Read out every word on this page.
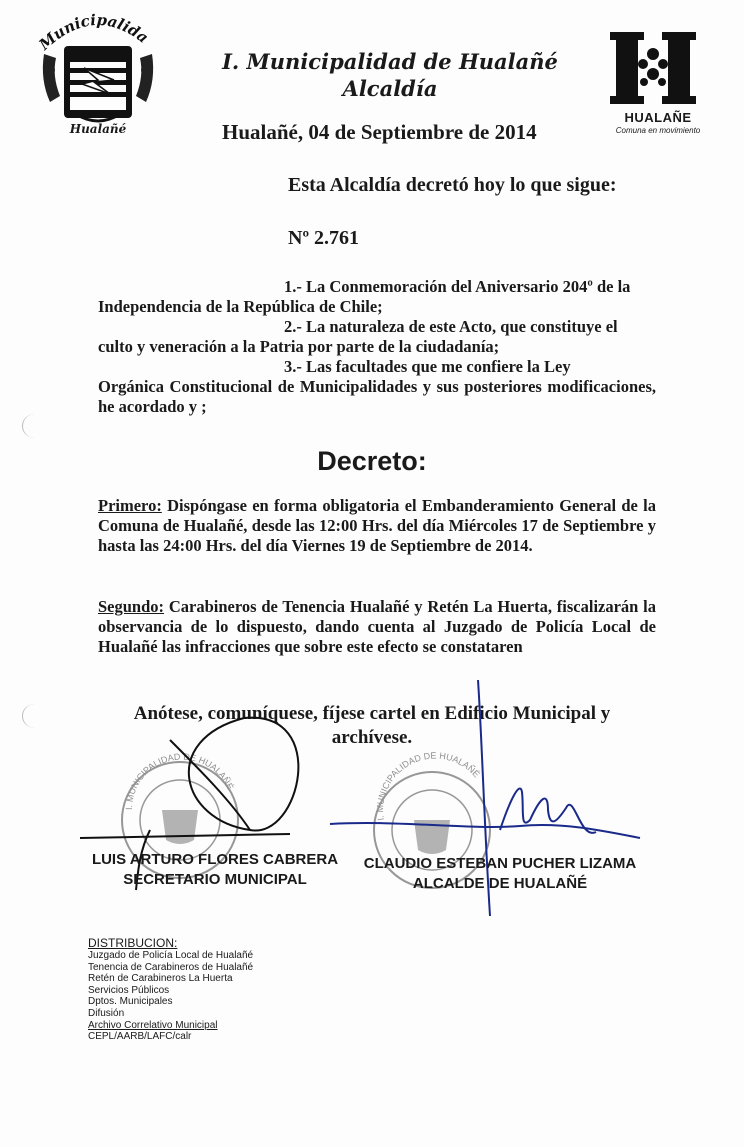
Municipalida
Hualañé
I. Municipalidad de Hualañé
Alcaldía
HUALAÑE
Comuna en movimiento
Hualañé, 04 de Septiembre de 2014
Esta Alcaldía decretó hoy lo que sigue:
Nº 2.761
1.- La Conmemoración del Aniversario 204º de la
Independencia de la República de Chile;
2.- La naturaleza de este Acto, que constituye el
culto y veneración a la Patria por parte de la ciudadanía;
3.- Las facultades que me confiere la Ley
Orgánica Constitucional de Municipalidades y sus posteriores modificaciones, he acordado y ;
Decreto:
Primero: Dispóngase en forma obligatoria el Embanderamiento General de la Comuna de Hualañé, desde las 12:00 Hrs. del día Miércoles 17 de Septiembre y hasta las 24:00 Hrs. del día Viernes 19 de Septiembre de 2014.
Segundo: Carabineros de Tenencia Hualañé y Retén La Huerta, fiscalizarán la observancia de lo dispuesto, dando cuenta al Juzgado de Policía Local de Hualañé las infracciones que sobre este efecto se constataren
Anótese, comuníquese, fíjese cartel en Edificio Municipal y
archívese.
I. MUNICIPALIDAD DE HUALAÑÉ
I. MUNICIPALIDAD DE HUALAÑÉ
LUIS ARTURO FLORES CABRERA
SECRETARIO MUNICIPAL
CLAUDIO ESTEBAN PUCHER LIZAMA
ALCALDE DE HUALAÑÉ
DISTRIBUCION:
Juzgado de Policía Local de Hualañé
Tenencia de Carabineros de Hualañé
Retén de Carabineros La Huerta
Servicios Públicos
Dptos. Municipales
Difusión
Archivo Correlativo Municipal
CEPL/AARB/LAFC/calr
